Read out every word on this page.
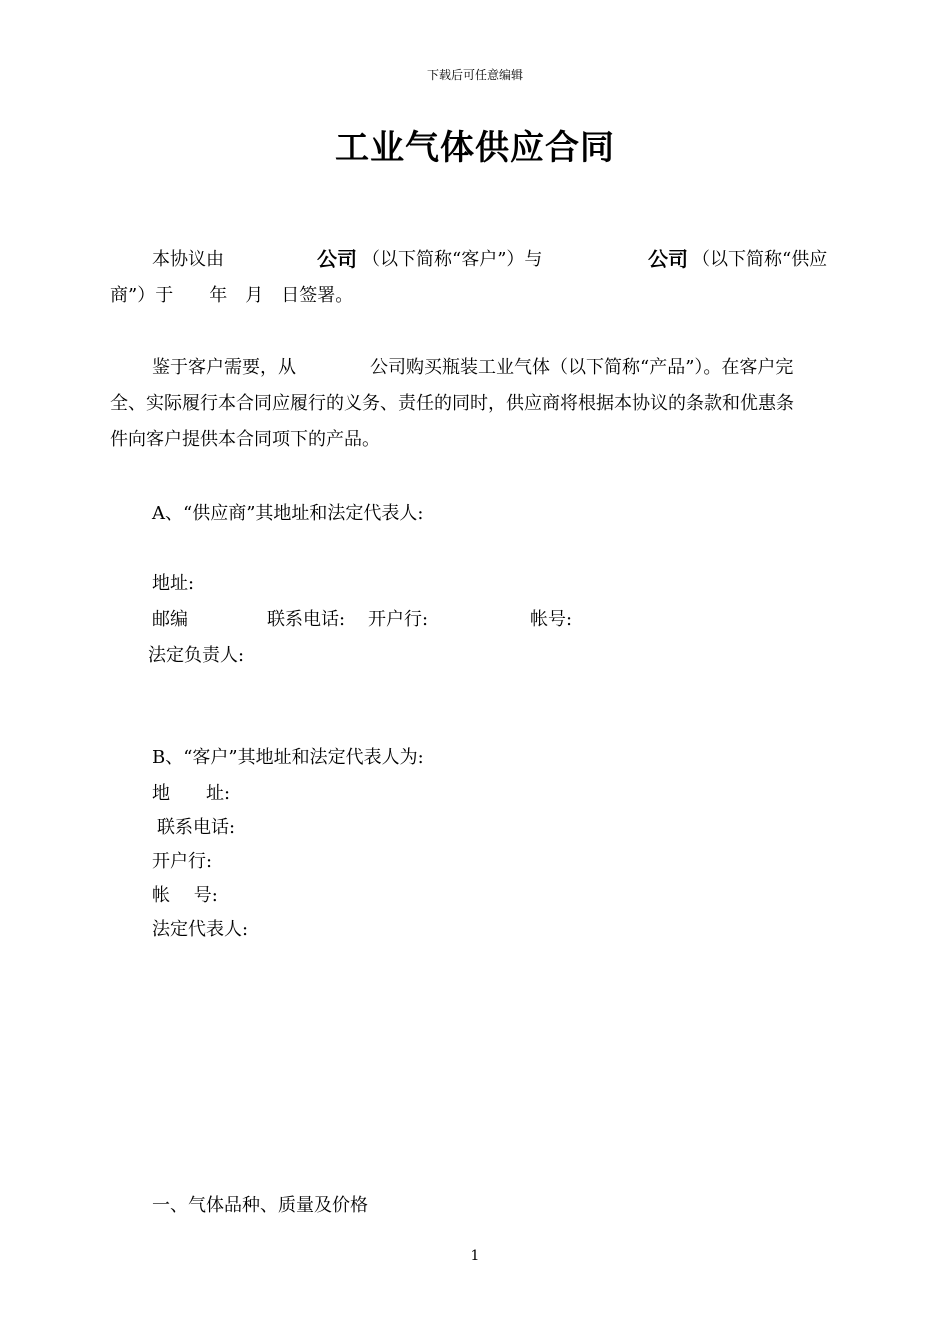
下载后可任意编辑
工业气体供应合同
本协议由	公司 （以下简称“客户”）与	公司 （以下简称“供应
商”）于　　年　月　日签署。
鉴于客户需要，从	公司购买瓶装工业气体（以下简称“产品”）。在客户完
全、实际履行本合同应履行的义务、责任的同时，供应商将根据本协议的条款和优惠条
件向客户提供本合同项下的产品。
A、“供应商”其地址和法定代表人:
地址:
邮编	联系电话: 开户行:	帐号:
法定负责人:
B、“客户”其地址和法定代表人为:
地　　址:
联系电话:
开户行:
帐　 号:
法定代表人:
一、气体品种、质量及价格
1
